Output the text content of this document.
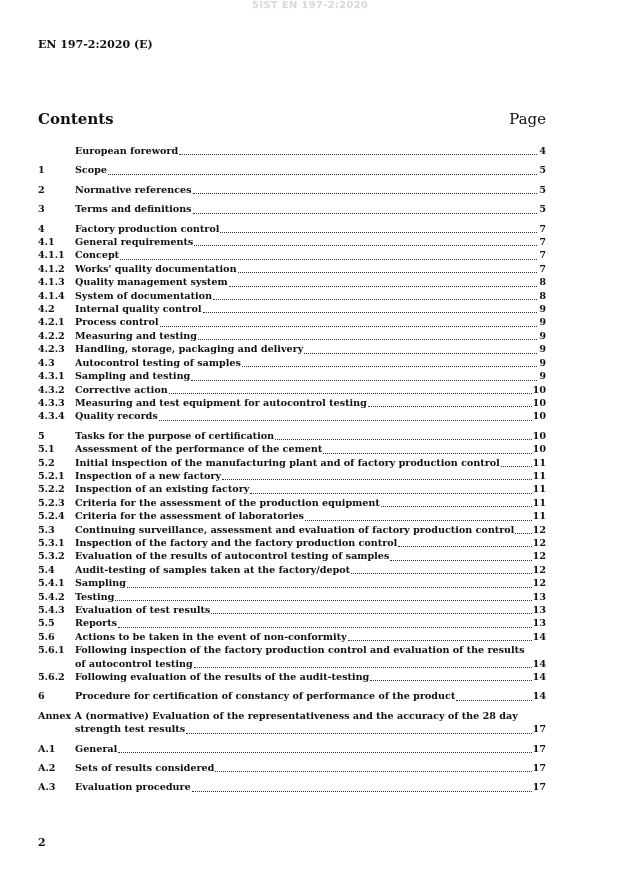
SIST EN 197-2:2020
EN 197-2:2020 (E)
Contents	Page
European foreword	4
1	Scope	5
2	Normative references	5
3	Terms and definitions	5
4	Factory production control	7
4.1	General requirements	7
4.1.1	Concept	7
4.1.2	Works' quality documentation	7
4.1.3	Quality management system	8
4.1.4	System of documentation	8
4.2	Internal quality control	9
4.2.1	Process control	9
4.2.2	Measuring and testing	9
4.2.3	Handling, storage, packaging and delivery	9
4.3	Autocontrol testing of samples	9
4.3.1	Sampling and testing	9
4.3.2	Corrective action	10
4.3.3	Measuring and test equipment for autocontrol testing	10
4.3.4	Quality records	10
5	Tasks for the purpose of certification	10
5.1	Assessment of the performance of the cement	10
5.2	Initial inspection of the manufacturing plant and of factory production control	11
5.2.1	Inspection of a new factory	11
5.2.2	Inspection of an existing factory	11
5.2.3	Criteria for the assessment of the production equipment	11
5.2.4	Criteria for the assessment of laboratories	11
5.3	Continuing surveillance, assessment and evaluation of factory production control 12
5.3.1	Inspection of the factory and the factory production control	12
5.3.2	Evaluation of the results of autocontrol testing of samples	12
5.4	Audit-testing of samples taken at the factory/depot	12
5.4.1	Sampling	12
5.4.2	Testing	13
5.4.3	Evaluation of test results	13
5.5	Reports	13
5.6	Actions to be taken in the event of non-conformity	14
5.6.1	Following inspection of the factory production control and evaluation of the results
of autocontrol testing	14
5.6.2	Following evaluation of the results of the audit-testing	14
6	Procedure for certification of constancy of performance of the product	14
Annex A (normative) Evaluation of the representativeness and the accuracy of the 28 day
strength test results	17
A.1	General	17
A.2	Sets of results considered	17
A.3	Evaluation procedure	17
2
